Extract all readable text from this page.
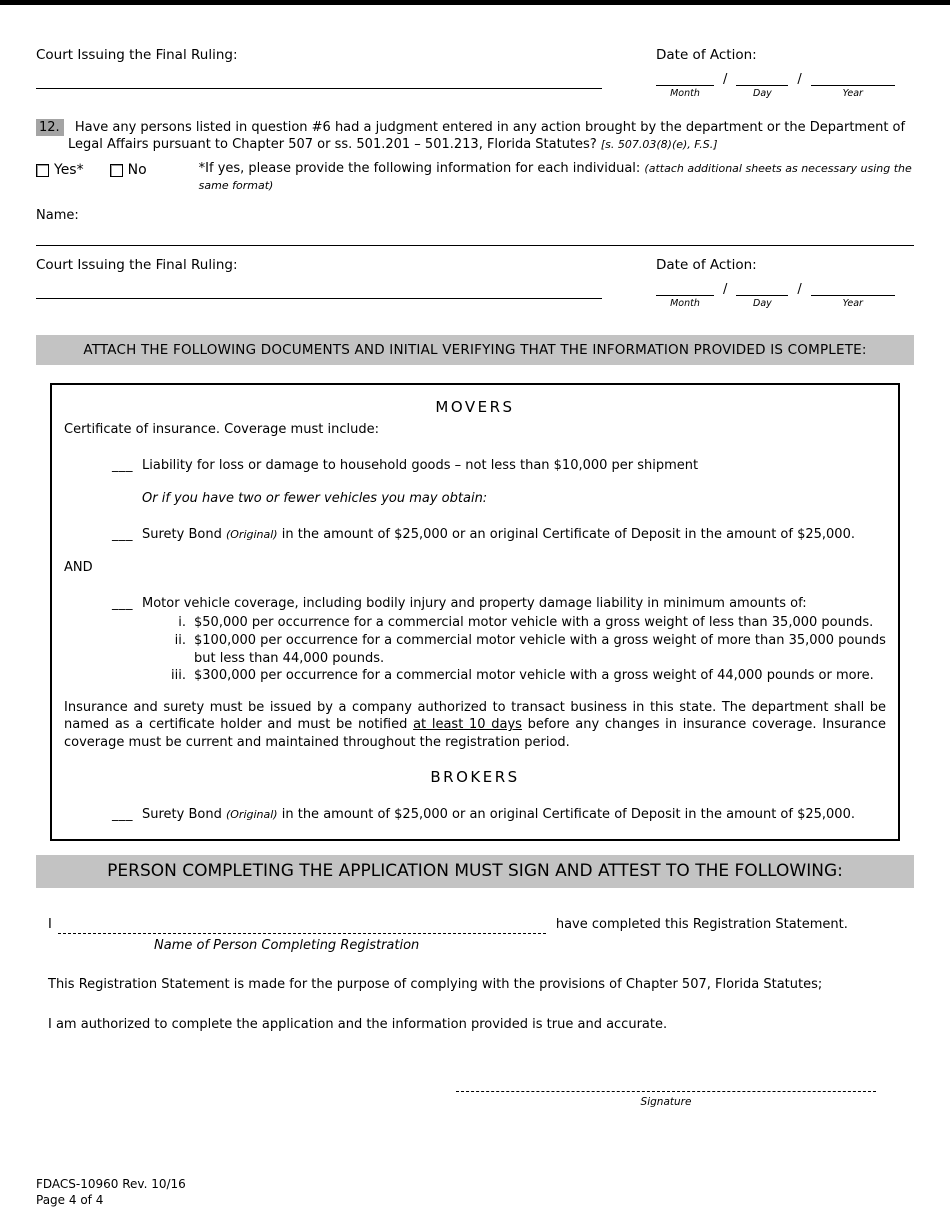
Court Issuing the Final Ruling:	Date of Action:
Month
/
Day
/
Year
12. Have any persons listed in question #6 had a judgment entered in any action brought by the department or the Department of Legal Affairs pursuant to Chapter 507 or ss. 501.201 – 501.213, Florida Statutes? [s. 507.03(8)(e), F.S.]
Yes*	No	*If yes, please provide the following information for each individual: (attach additional sheets as necessary using the same format)
Name:
Court Issuing the Final Ruling:	Date of Action:
Month
/
Day
/
Year
ATTACH THE FOLLOWING DOCUMENTS AND INITIAL VERIFYING THAT THE INFORMATION PROVIDED IS COMPLETE:
MOVERS
Certificate of insurance. Coverage must include:
___ Liability for loss or damage to household goods – not less than $10,000 per shipment
Or if you have two or fewer vehicles you may obtain:
___ Surety Bond (Original) in the amount of $25,000 or an original Certificate of Deposit in the amount of $25,000.
AND
___ Motor vehicle coverage, including bodily injury and property damage liability in minimum amounts of:
i. $50,000 per occurrence for a commercial motor vehicle with a gross weight of less than 35,000 pounds.
ii. $100,000 per occurrence for a commercial motor vehicle with a gross weight of more than 35,000 pounds but less than 44,000 pounds.
iii. $300,000 per occurrence for a commercial motor vehicle with a gross weight of 44,000 pounds or more.
Insurance and surety must be issued by a company authorized to transact business in this state. The department shall be named as a certificate holder and must be notified at least 10 days before any changes in insurance coverage. Insurance coverage must be current and maintained throughout the registration period.
BROKERS
___ Surety Bond (Original) in the amount of $25,000 or an original Certificate of Deposit in the amount of $25,000.
PERSON COMPLETING THE APPLICATION MUST SIGN AND ATTEST TO THE FOLLOWING:
I	have completed this Registration Statement.
Name of Person Completing Registration
This Registration Statement is made for the purpose of complying with the provisions of Chapter 507, Florida Statutes;
I am authorized to complete the application and the information provided is true and accurate.
Signature
FDACS-10960 Rev. 10/16
Page 4 of 4
